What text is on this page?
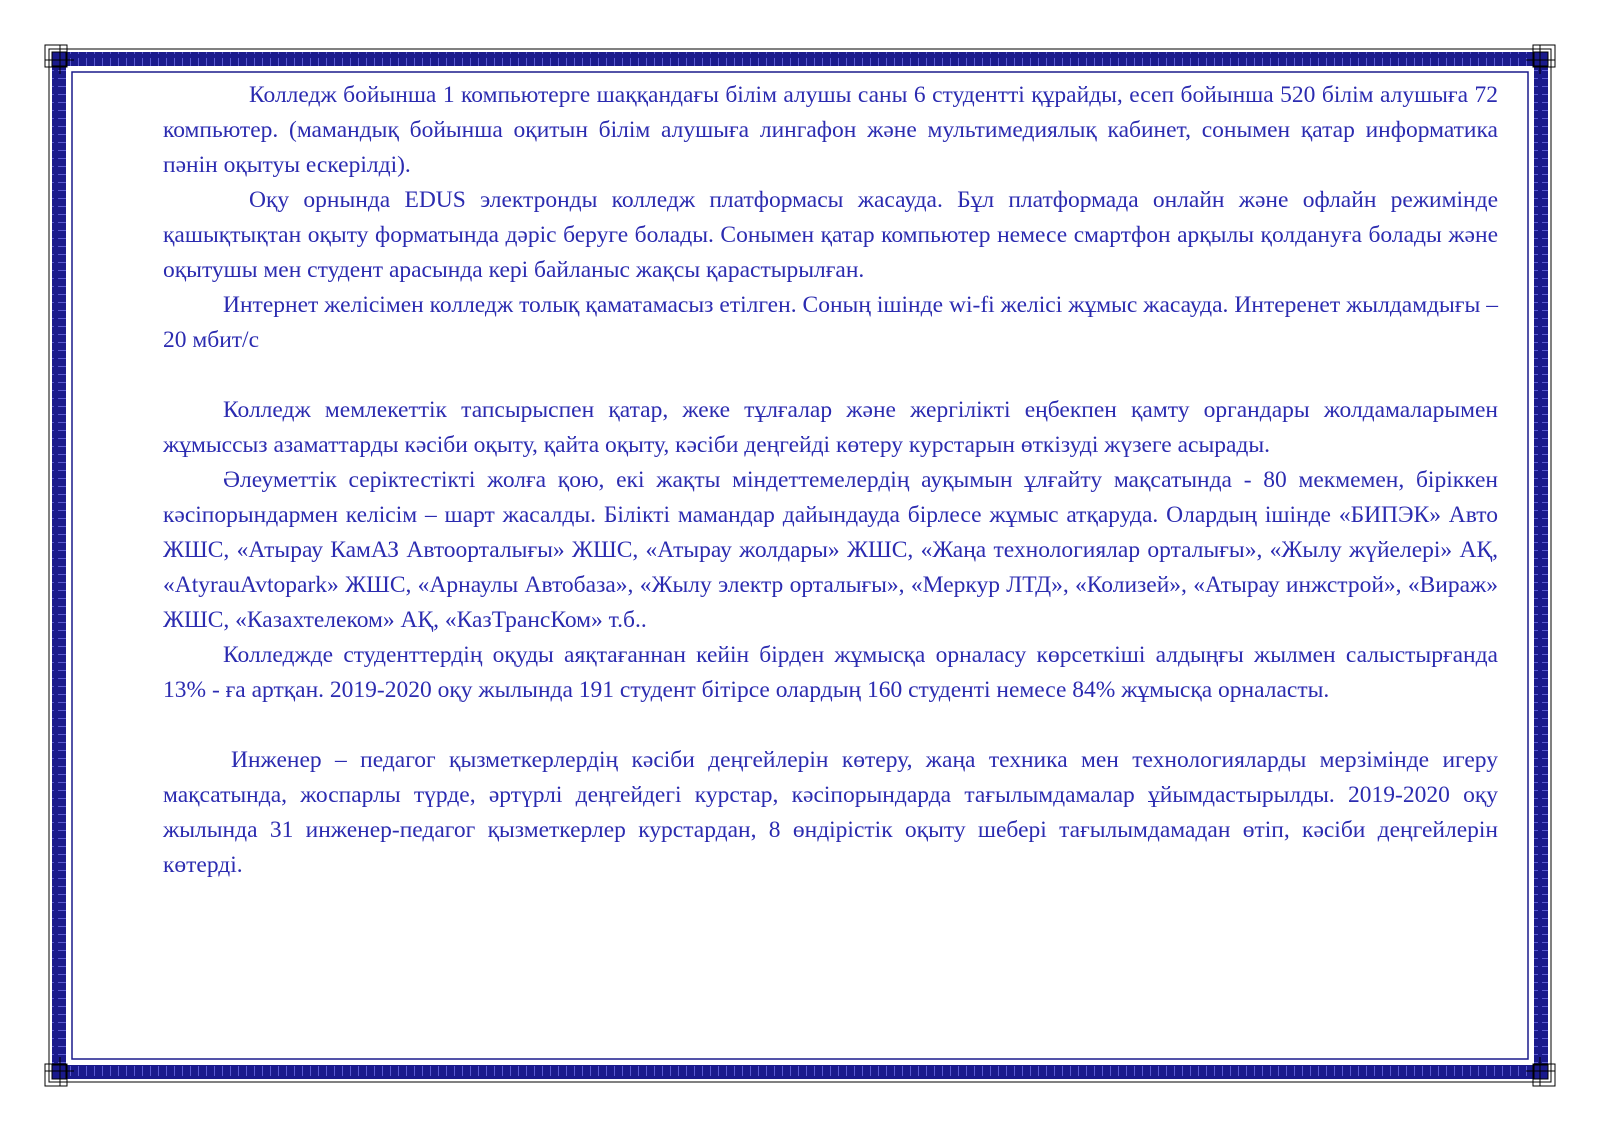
Колледж бойынша 1 компьютерге шаққандағы білім алушы саны 6 студентті құрайды, есеп бойынша 520 білім алушыға 72 компьютер. (мамандық бойынша оқитын білім алушыға лингафон және мультимедиялық кабинет, сонымен қатар информатика пәнін оқытуы ескерілді).

Оқу орнында EDUS электронды колледж платформасы жасауда. Бұл платформада онлайн және офлайн режимінде қашықтықтан оқыту форматында дәріс беруге болады. Сонымен қатар компьютер немесе смартфон арқылы қолдануға болады және оқытушы мен студент арасында кері байланыс жақсы қарастырылған.

Интернет желісімен колледж толық қаматамасыз етілген. Соның ішінде wi-fi желісі жұмыс жасауда. Интеренет жылдамдығы – 20 мбит/с

Колледж мемлекеттік тапсырыспен қатар, жеке тұлғалар және жергілікті еңбекпен қамту органдары жолдамаларымен жұмыссыз азаматтарды кәсіби оқыту, қайта оқыту, кәсіби деңгейді көтеру курстарын өткізуді жүзеге асырады.

Әлеуметтік серіктестікті жолға қою, екі жақты міндеттемелердің ауқымын ұлғайту мақсатында - 80 мекмемен, біріккен кәсіпорындармен келісім – шарт жасалды. Білікті мамандар дайындауда бірлесе жұмыс атқаруда. Олардың ішінде «БИПЭК» Авто ЖШС, «Атырау КамАЗ Автоорталығы» ЖШС, «Атырау жолдары» ЖШС, «Жаңа технологиялар орталығы», «Жылу жүйелері» АҚ, «AtyrauAvtopark» ЖШС, «Арнаулы Автобаза», «Жылу электр орталығы», «Меркур ЛТД», «Колизей», «Атырау инжстрой», «Вираж» ЖШС, «Казахтелеком» АҚ, «КазТрансКом» т.б..

Колледжде студенттердің оқуды аяқтағаннан кейін бірден жұмысқа орналасу көрсеткіші алдыңғы жылмен салыстырғанда 13% - ға артқан. 2019-2020 оқу жылында 191 студент бітірсе олардың 160 студенті немесе 84% жұмысқа орналасты.

Инженер – педагог қызметкерлердің кәсіби деңгейлерін көтеру, жаңа техника мен технологияларды мерзімінде игеру мақсатында, жоспарлы түрде, әртүрлі деңгейдегі курстар, кәсіпорындарда тағылымдамалар ұйымдастырылды. 2019-2020 оқу жылында 31 инженер-педагог қызметкерлер курстардан, 8 өндірістік оқыту шебері тағылымдамадан өтіп, кәсіби деңгейлерін көтерді.
